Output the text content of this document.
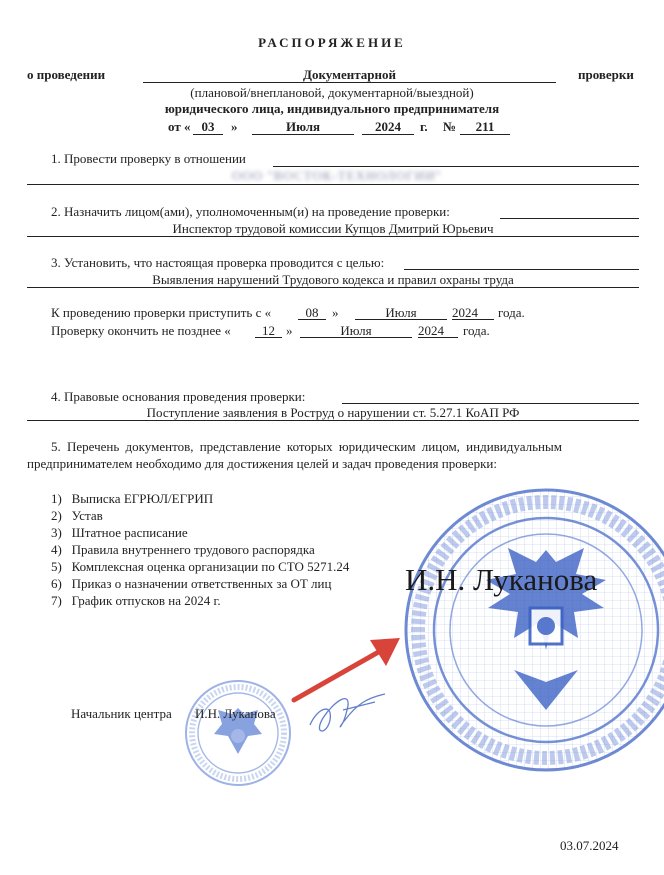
РАСПОРЯЖЕНИЕ
о проведении	Документарной	проверки
(плановой/внеплановой, документарной/выездной)
юридического лица, индивидуального предпринимателя
от « 03	»	Июля	2024	г. №	211
1. Провести проверку в отношении
ООО "ВОСТОК-ТЕХНОЛОГИИ"
2. Назначить лицом(ами), уполномоченным(и) на проведение проверки:
Инспектор трудовой комиссии Купцов Дмитрий Юрьевич
3. Установить, что настоящая проверка проводится с целью:
Выявления нарушений Трудового кодекса и правил охраны труда
К проведению проверки приступить с «	08	»	Июля	2024 года.
Проверку окончить не позднее «	12 »	Июля	2024 года.
4. Правовые основания проведения проверки:
Поступление заявления в Роструд о нарушении ст. 5.27.1 КоАП РФ
5. Перечень документов, представление которых юридическим лицом, индивидуальным
предпринимателем необходимо для достижения целей и задач проведения проверки:
1) Выписка ЕГРЮЛ/ЕГРИП
2) Устав
3) Штатное расписание
4) Правила внутреннего трудового распорядка
5) Комплексная оценка организации по СТО 5271.24
6) Приказ о назначении ответственных за ОТ лиц
7) График отпусков на 2024 г.
Начальник центра И.Н. Луканова
И.Н. Луканова
03.07.2024
